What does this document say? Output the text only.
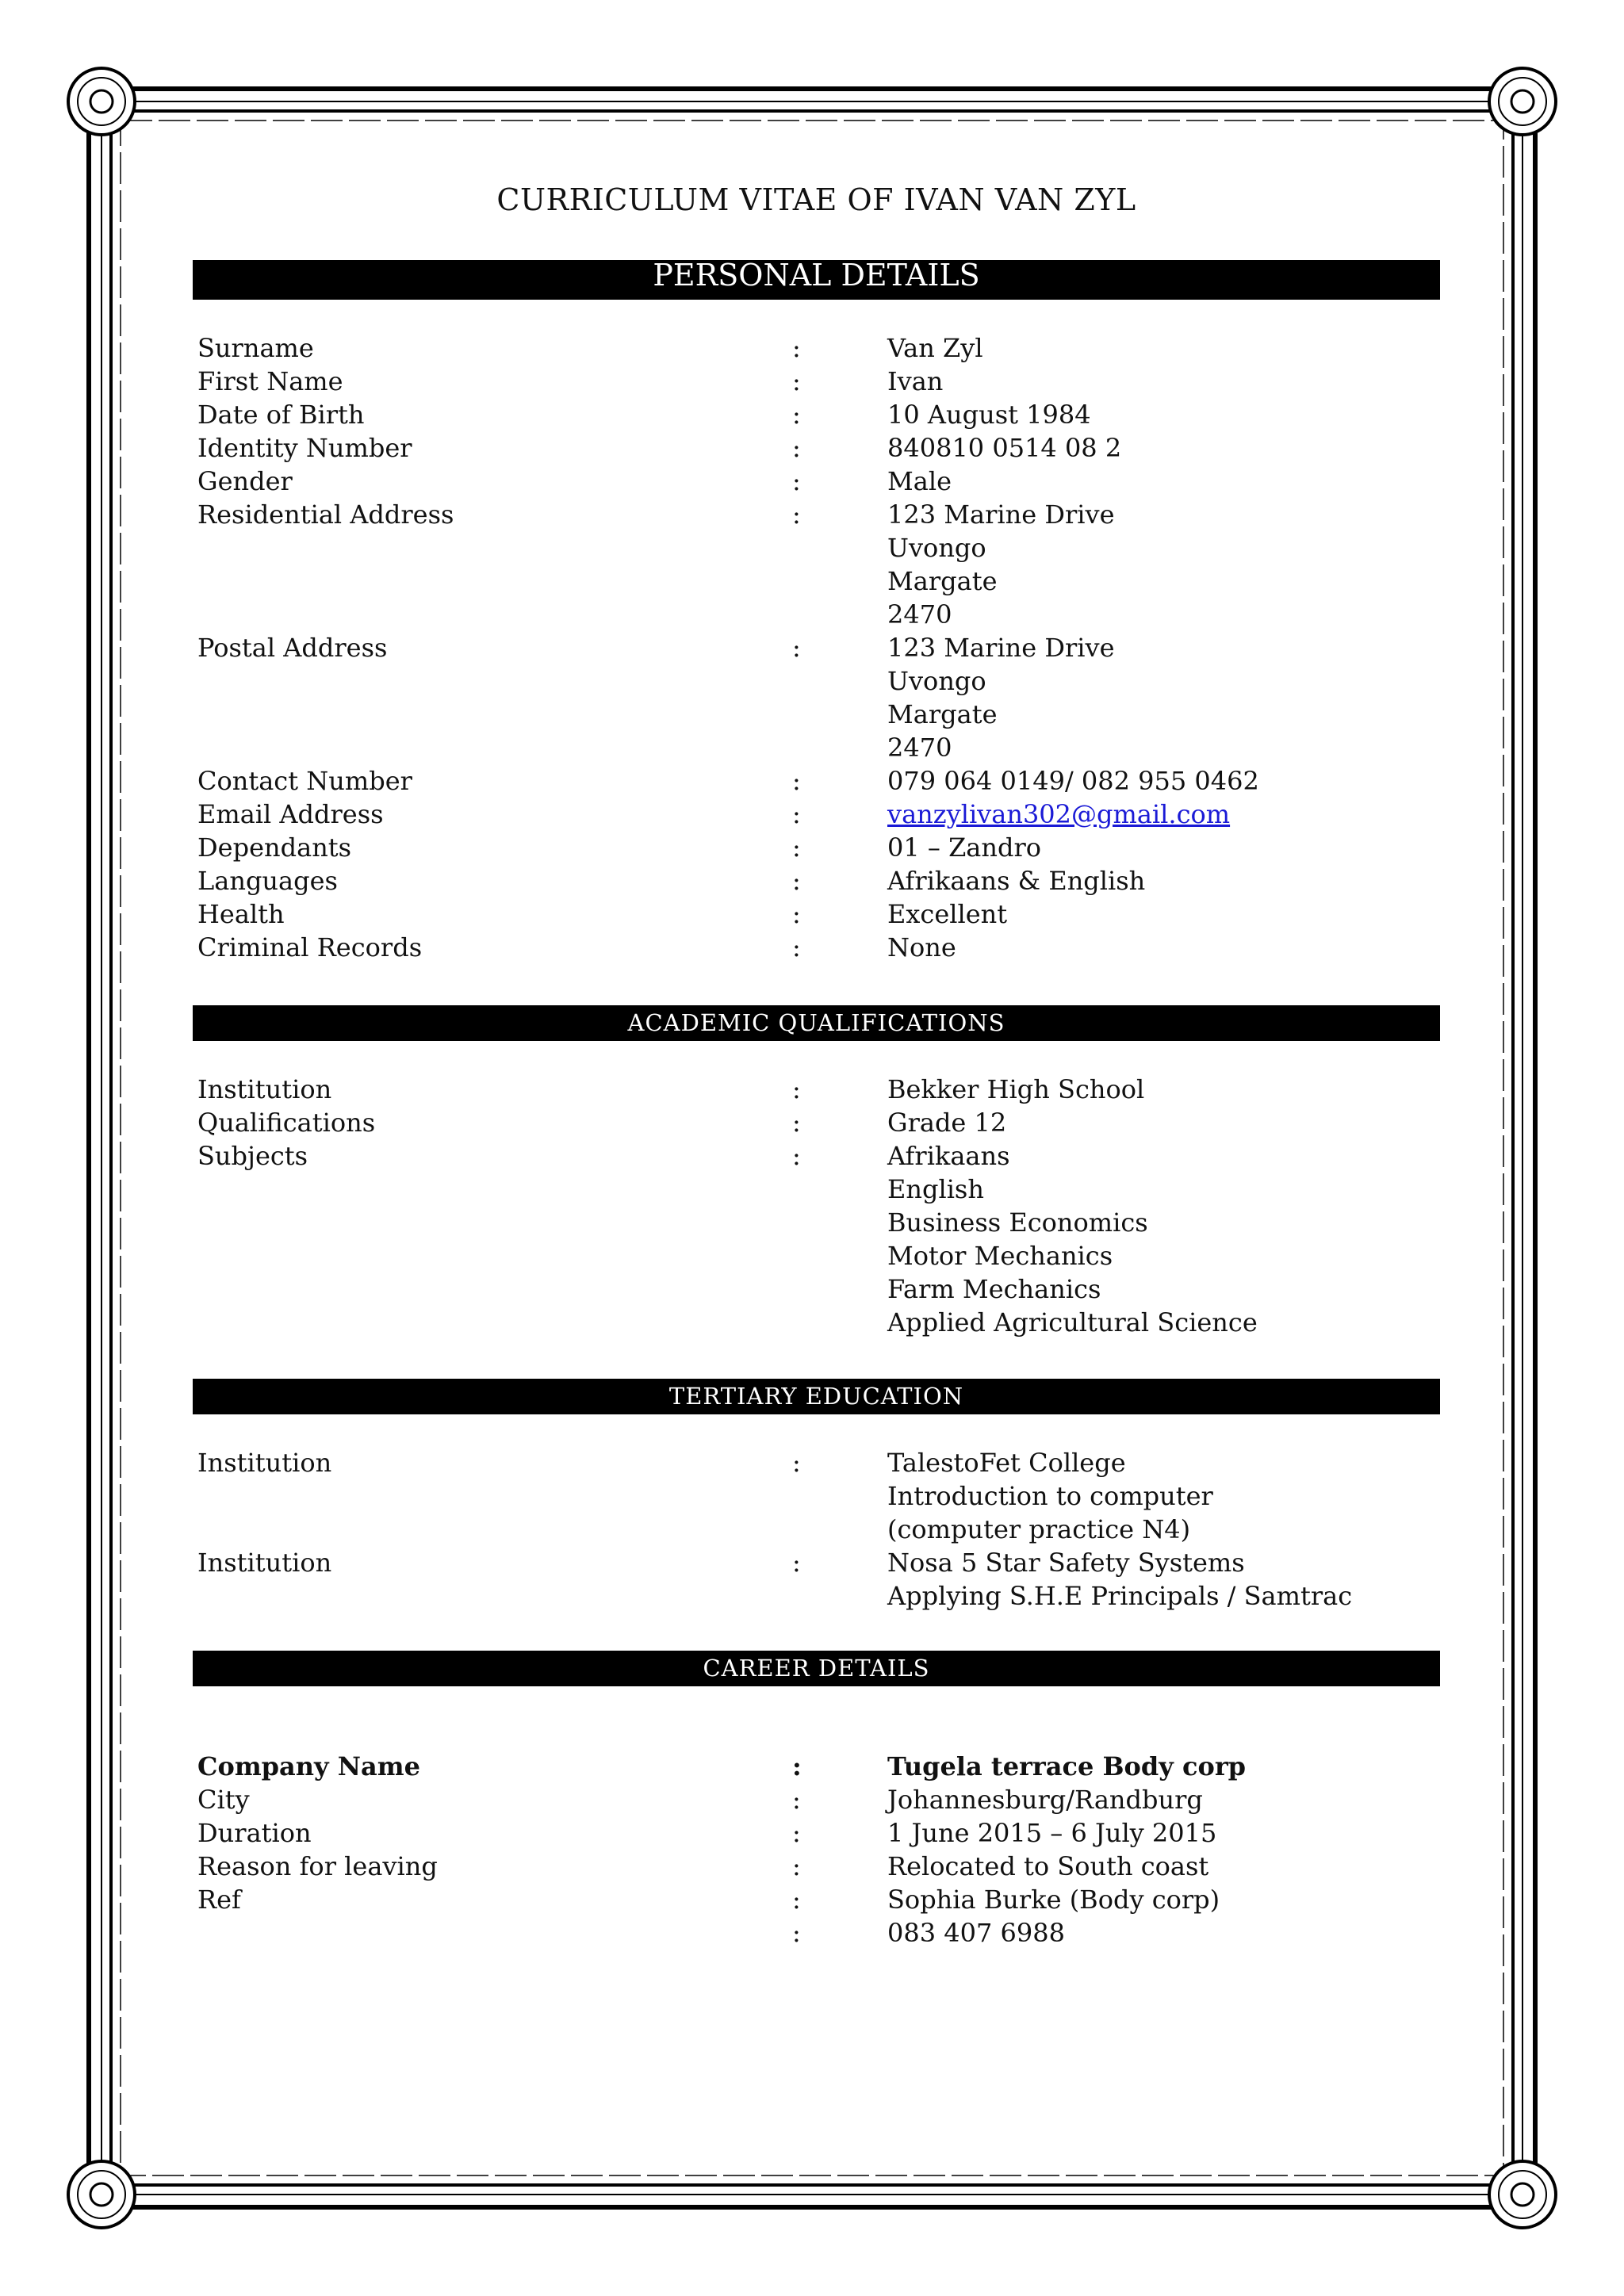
CURRICULUM VITAE OF IVAN VAN ZYL
PERSONAL DETAILS
Surname	:	Van Zyl
First Name	:	Ivan
Date of Birth	:	10 August 1984
Identity Number	:	840810 0514 08 2
Gender	:	Male
Residential Address	:	123 Marine Drive
Uvongo
Margate
2470
Postal Address	:	123 Marine Drive
Uvongo
Margate
2470
Contact Number	:	079 064 0149/ 082 955 0462
Email Address	:	vanzylivan302@gmail.com
Dependants	:	01 – Zandro
Languages	:	Afrikaans & English
Health	:	Excellent
Criminal Records	:	None
ACADEMIC QUALIFICATIONS
Institution	:	Bekker High School
Qualifications	:	Grade 12
Subjects	:	Afrikaans
English
Business Economics
Motor Mechanics
Farm Mechanics
Applied Agricultural Science
TERTIARY EDUCATION
Institution	:	TalestoFet College
Introduction to computer
(computer practice N4)
Institution	:	Nosa 5 Star Safety Systems
Applying S.H.E Principals / Samtrac
CAREER DETAILS
Company Name	:	Tugela terrace Body corp
City	:	Johannesburg/Randburg
Duration	:	1 June 2015 – 6 July 2015
Reason for leaving	:	Relocated to South coast
Ref	:	Sophia Burke (Body corp)
:	083 407 6988
